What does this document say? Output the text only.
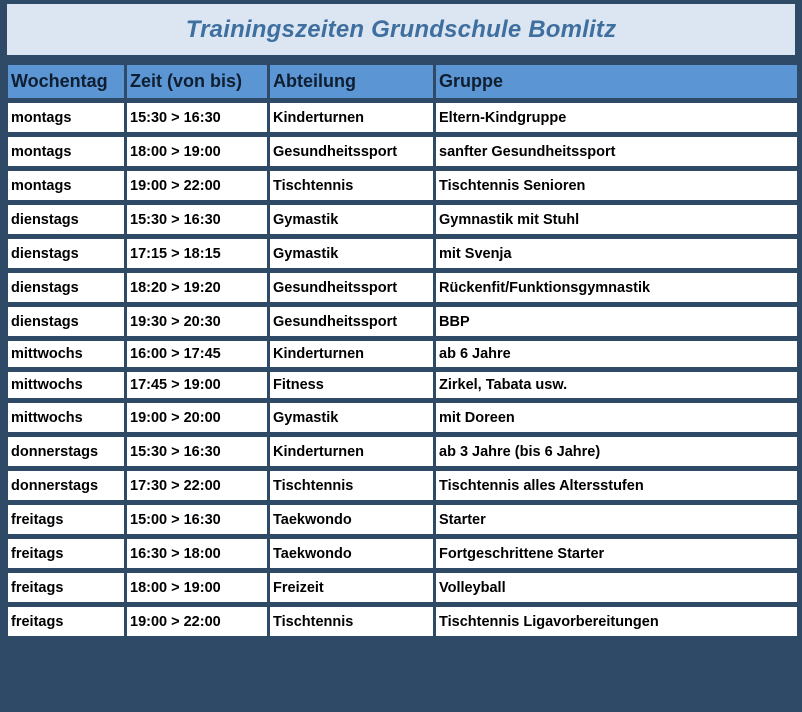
Trainingszeiten Grundschule Bomlitz
Wochentag	Zeit (von bis)	Abteilung	Gruppe
montags	15:30 > 16:30	Kinderturnen	Eltern-Kindgruppe
montags	18:00 > 19:00	Gesundheitssport	sanfter Gesundheitssport
montags	19:00 > 22:00	Tischtennis	Tischtennis Senioren
dienstags	15:30 > 16:30	Gymastik	Gymnastik mit Stuhl
dienstags	17:15 > 18:15	Gymastik	mit Svenja
dienstags	18:20 > 19:20	Gesundheitssport	Rückenfit/Funktionsgymnastik
dienstags	19:30 > 20:30	Gesundheitssport	BBP
mittwochs	16:00 > 17:45	Kinderturnen	ab 6 Jahre
mittwochs	17:45 > 19:00	Fitness	Zirkel, Tabata usw.
mittwochs	19:00 > 20:00	Gymastik	mit Doreen
donnerstags	15:30 > 16:30	Kinderturnen	ab 3 Jahre (bis 6 Jahre)
donnerstags	17:30 > 22:00	Tischtennis	Tischtennis alles Altersstufen
freitags	15:00 > 16:30	Taekwondo	Starter
freitags	16:30 > 18:00	Taekwondo	Fortgeschrittene Starter
freitags	18:00 > 19:00	Freizeit	Volleyball
freitags	19:00 > 22:00	Tischtennis	Tischtennis Ligavorbereitungen
